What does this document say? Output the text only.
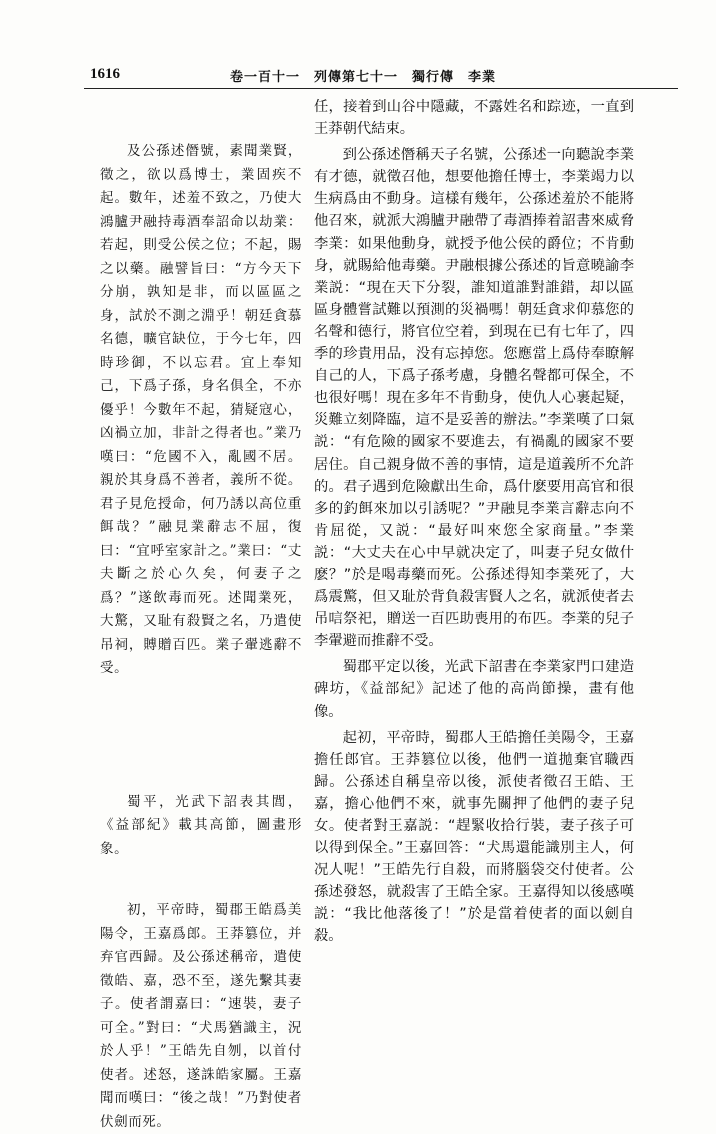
1616	卷一百十一　列傳第七十一　獨行傳　李業

及公孫述僭號，素聞業賢，徵之，欲以爲博士，業固疾不起。數年，述羞不致之，乃使大鴻臚尹融持毒酒奉詔命以劫業：若起，則受公侯之位；不起，賜之以藥。融譬旨曰：“方今天下分崩，孰知是非，而以區區之身，試於不測之淵乎！朝廷貪慕名德，曠官缺位，于今七年，四時珍御，不以忘君。宜上奉知己，下爲子孫，身名俱全，不亦優乎！今數年不起，猜疑寇心，凶禍立加，非計之得者也。”業乃嘆曰：“危國不入，亂國不居。親於其身爲不善者，義所不從。君子見危授命，何乃誘以高位重餌哉？”融見業辭志不屈，復曰：“宜呼室家計之。”業曰：“丈夫斷之於心久矣，何妻子之爲？”遂飲毒而死。述聞業死，大驚，又耻有殺賢之名，乃遣使吊祠，賻贈百匹。業子翬逃辭不受。

蜀平，光武下詔表其閭，《益部紀》載其高節，圖畫形象。

初，平帝時，蜀郡王皓爲美陽令，王嘉爲郎。王莽篡位，并弃官西歸。及公孫述稱帝，遣使徵皓、嘉，恐不至，遂先繫其妻子。使者謂嘉曰：“速裝，妻子可全。”對曰：“犬馬猶識主，況於人乎！”王皓先自刎，以首付使者。述怒，遂誅皓家屬。王嘉聞而嘆曰：“後之哉！”乃對使者伏劍而死。

任，接着到山谷中隱藏，不露姓名和踪迹，一直到王莽朝代結束。

到公孫述僭稱天子名號，公孫述一向聽說李業有才德，就徵召他，想要他擔任博士，李業竭力以生病爲由不動身。這樣有幾年，公孫述羞於不能將他召來，就派大鴻臚尹融帶了毒酒捧着詔書來威脅李業：如果他動身，就授予他公侯的爵位；不肯動身，就賜給他毒藥。尹融根據公孫述的旨意曉諭李業説：“現在天下分裂，誰知道誰對誰錯，却以區區身體嘗試難以預測的災禍嗎！朝廷貪求仰慕您的名聲和德行，將官位空着，到現在已有七年了，四季的珍貴用品，没有忘掉您。您應當上爲侍奉瞭解自己的人，下爲子孫考慮，身體名聲都可保全，不也很好嗎！現在多年不肯動身，使仇人心裹起疑，災難立刻降臨，這不是妥善的辦法。”李業嘆了口氣説：“有危險的國家不要進去，有禍亂的國家不要居住。自己親身做不善的事情，這是道義所不允許的。君子遇到危險獻出生命，爲什麽要用高官和很多的釣餌來加以引誘呢？”尹融見李業言辭志向不肯屈從，又説：“最好叫來您全家商量。”李業説：“大丈夫在心中早就决定了，叫妻子兒女做什麽？”於是喝毒藥而死。公孫述得知李業死了，大爲震驚，但又耻於背負殺害賢人之名，就派使者去吊唁祭祀，贈送一百匹助喪用的布匹。李業的兒子李翬避而推辭不受。

蜀郡平定以後，光武下詔書在李業家門口建造碑坊，《益部紀》記述了他的高尚節操，畫有他像。

起初，平帝時，蜀郡人王皓擔任美陽令，王嘉擔任郎官。王莽篡位以後，他們一道拋棄官職西歸。公孫述自稱皇帝以後，派使者徵召王皓、王嘉，擔心他們不來，就事先關押了他們的妻子兒女。使者對王嘉説：“趕緊收拾行裝，妻子孩子可以得到保全。”王嘉回答：“犬馬還能識別主人，何况人呢！”王皓先行自殺，而將腦袋交付使者。公孫述發怒，就殺害了王皓全家。王嘉得知以後感嘆説：“我比他落後了！”於是當着使者的面以劍自殺。
